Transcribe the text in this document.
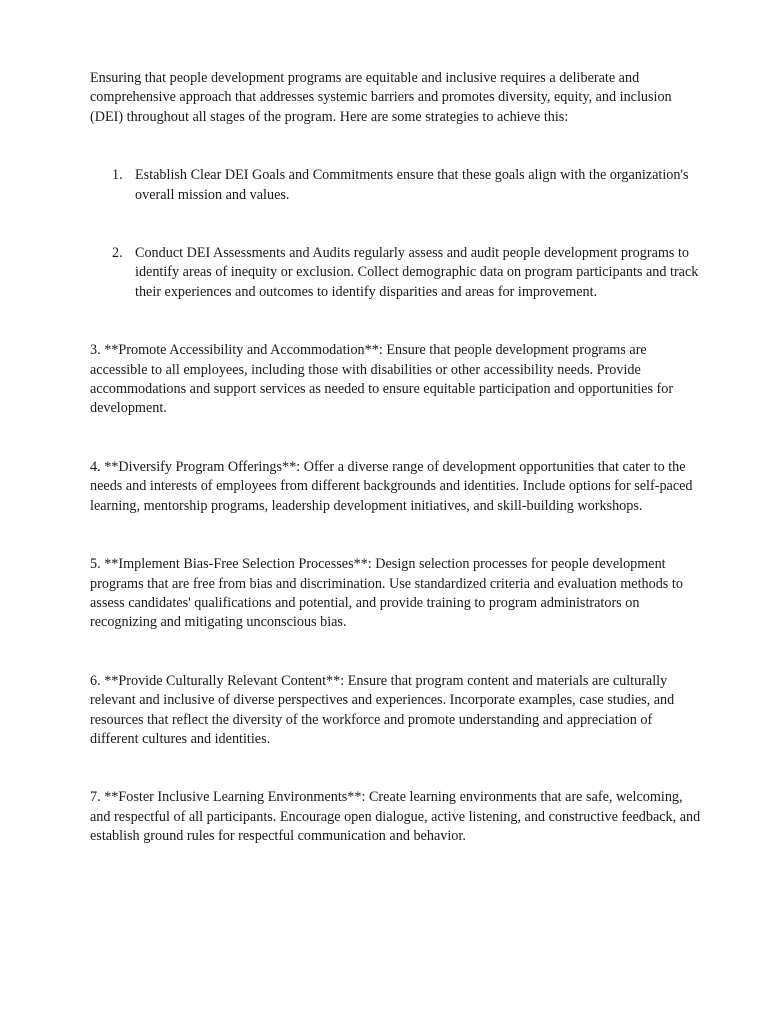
Ensuring that people development programs are equitable and inclusive requires a deliberate and comprehensive approach that addresses systemic barriers and promotes diversity, equity, and inclusion (DEI) throughout all stages of the program. Here are some strategies to achieve this:

1. Establish Clear DEI Goals and Commitments ensure that these goals align with the organization's overall mission and values.
2. Conduct DEI Assessments and Audits regularly assess and audit people development programs to identify areas of inequity or exclusion. Collect demographic data on program participants and track their experiences and outcomes to identify disparities and areas for improvement.

3. **Promote Accessibility and Accommodation**: Ensure that people development programs are accessible to all employees, including those with disabilities or other accessibility needs. Provide accommodations and support services as needed to ensure equitable participation and opportunities for development.

4. **Diversify Program Offerings**: Offer a diverse range of development opportunities that cater to the needs and interests of employees from different backgrounds and identities. Include options for self-paced learning, mentorship programs, leadership development initiatives, and skill-building workshops.

5. **Implement Bias-Free Selection Processes**: Design selection processes for people development programs that are free from bias and discrimination. Use standardized criteria and evaluation methods to assess candidates' qualifications and potential, and provide training to program administrators on recognizing and mitigating unconscious bias.

6. **Provide Culturally Relevant Content**: Ensure that program content and materials are culturally relevant and inclusive of diverse perspectives and experiences. Incorporate examples, case studies, and resources that reflect the diversity of the workforce and promote understanding and appreciation of different cultures and identities.

7. **Foster Inclusive Learning Environments**: Create learning environments that are safe, welcoming, and respectful of all participants. Encourage open dialogue, active listening, and constructive feedback, and establish ground rules for respectful communication and behavior.
